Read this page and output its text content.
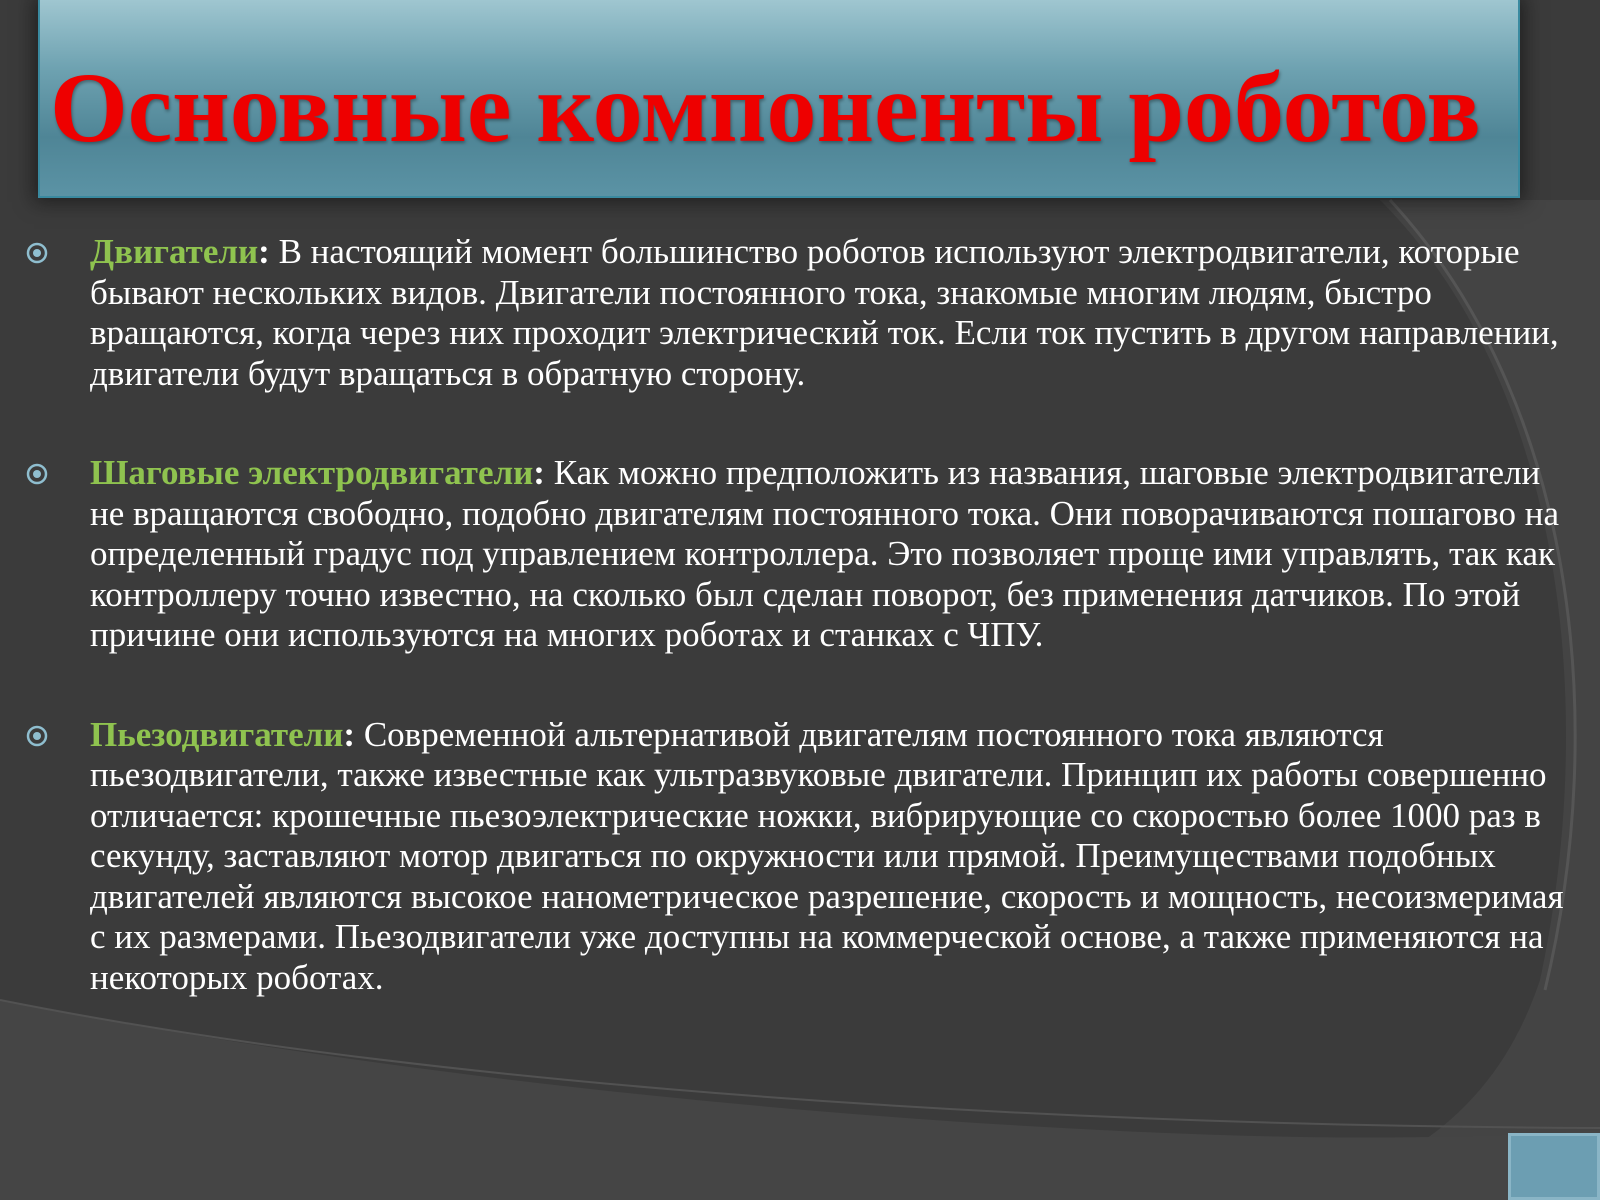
Основные компоненты роботов
Двигатели: В настоящий момент большинство роботов используют электродвигатели, которые бывают нескольких видов. Двигатели постоянного тока, знакомые многим людям, быстро вращаются, когда через них проходит электрический ток. Если ток пустить в другом направлении, двигатели будут вращаться в обратную сторону.
Шаговые электродвигатели: Как можно предположить из названия, шаговые электродвигатели не вращаются свободно, подобно двигателям постоянного тока. Они поворачиваются пошагово на определенный градус под управлением контроллера. Это позволяет проще ими управлять, так как контроллеру точно известно, на сколько был сделан поворот, без применения датчиков. По этой причине они используются на многих роботах и станках с ЧПУ.
Пьезодвигатели: Современной альтернативой двигателям постоянного тока являются пьезодвигатели, также известные как ультразвуковые двигатели. Принцип их работы совершенно отличается: крошечные пьезоэлектрические ножки, вибрирующие со скоростью более 1000 раз в секунду, заставляют мотор двигаться по окружности или прямой. Преимуществами подобных двигателей являются высокое нанометрическое разрешение, скорость и мощность, несоизмеримая с их размерами. Пьезодвигатели уже доступны на коммерческой основе, а также применяются на некоторых роботах.
